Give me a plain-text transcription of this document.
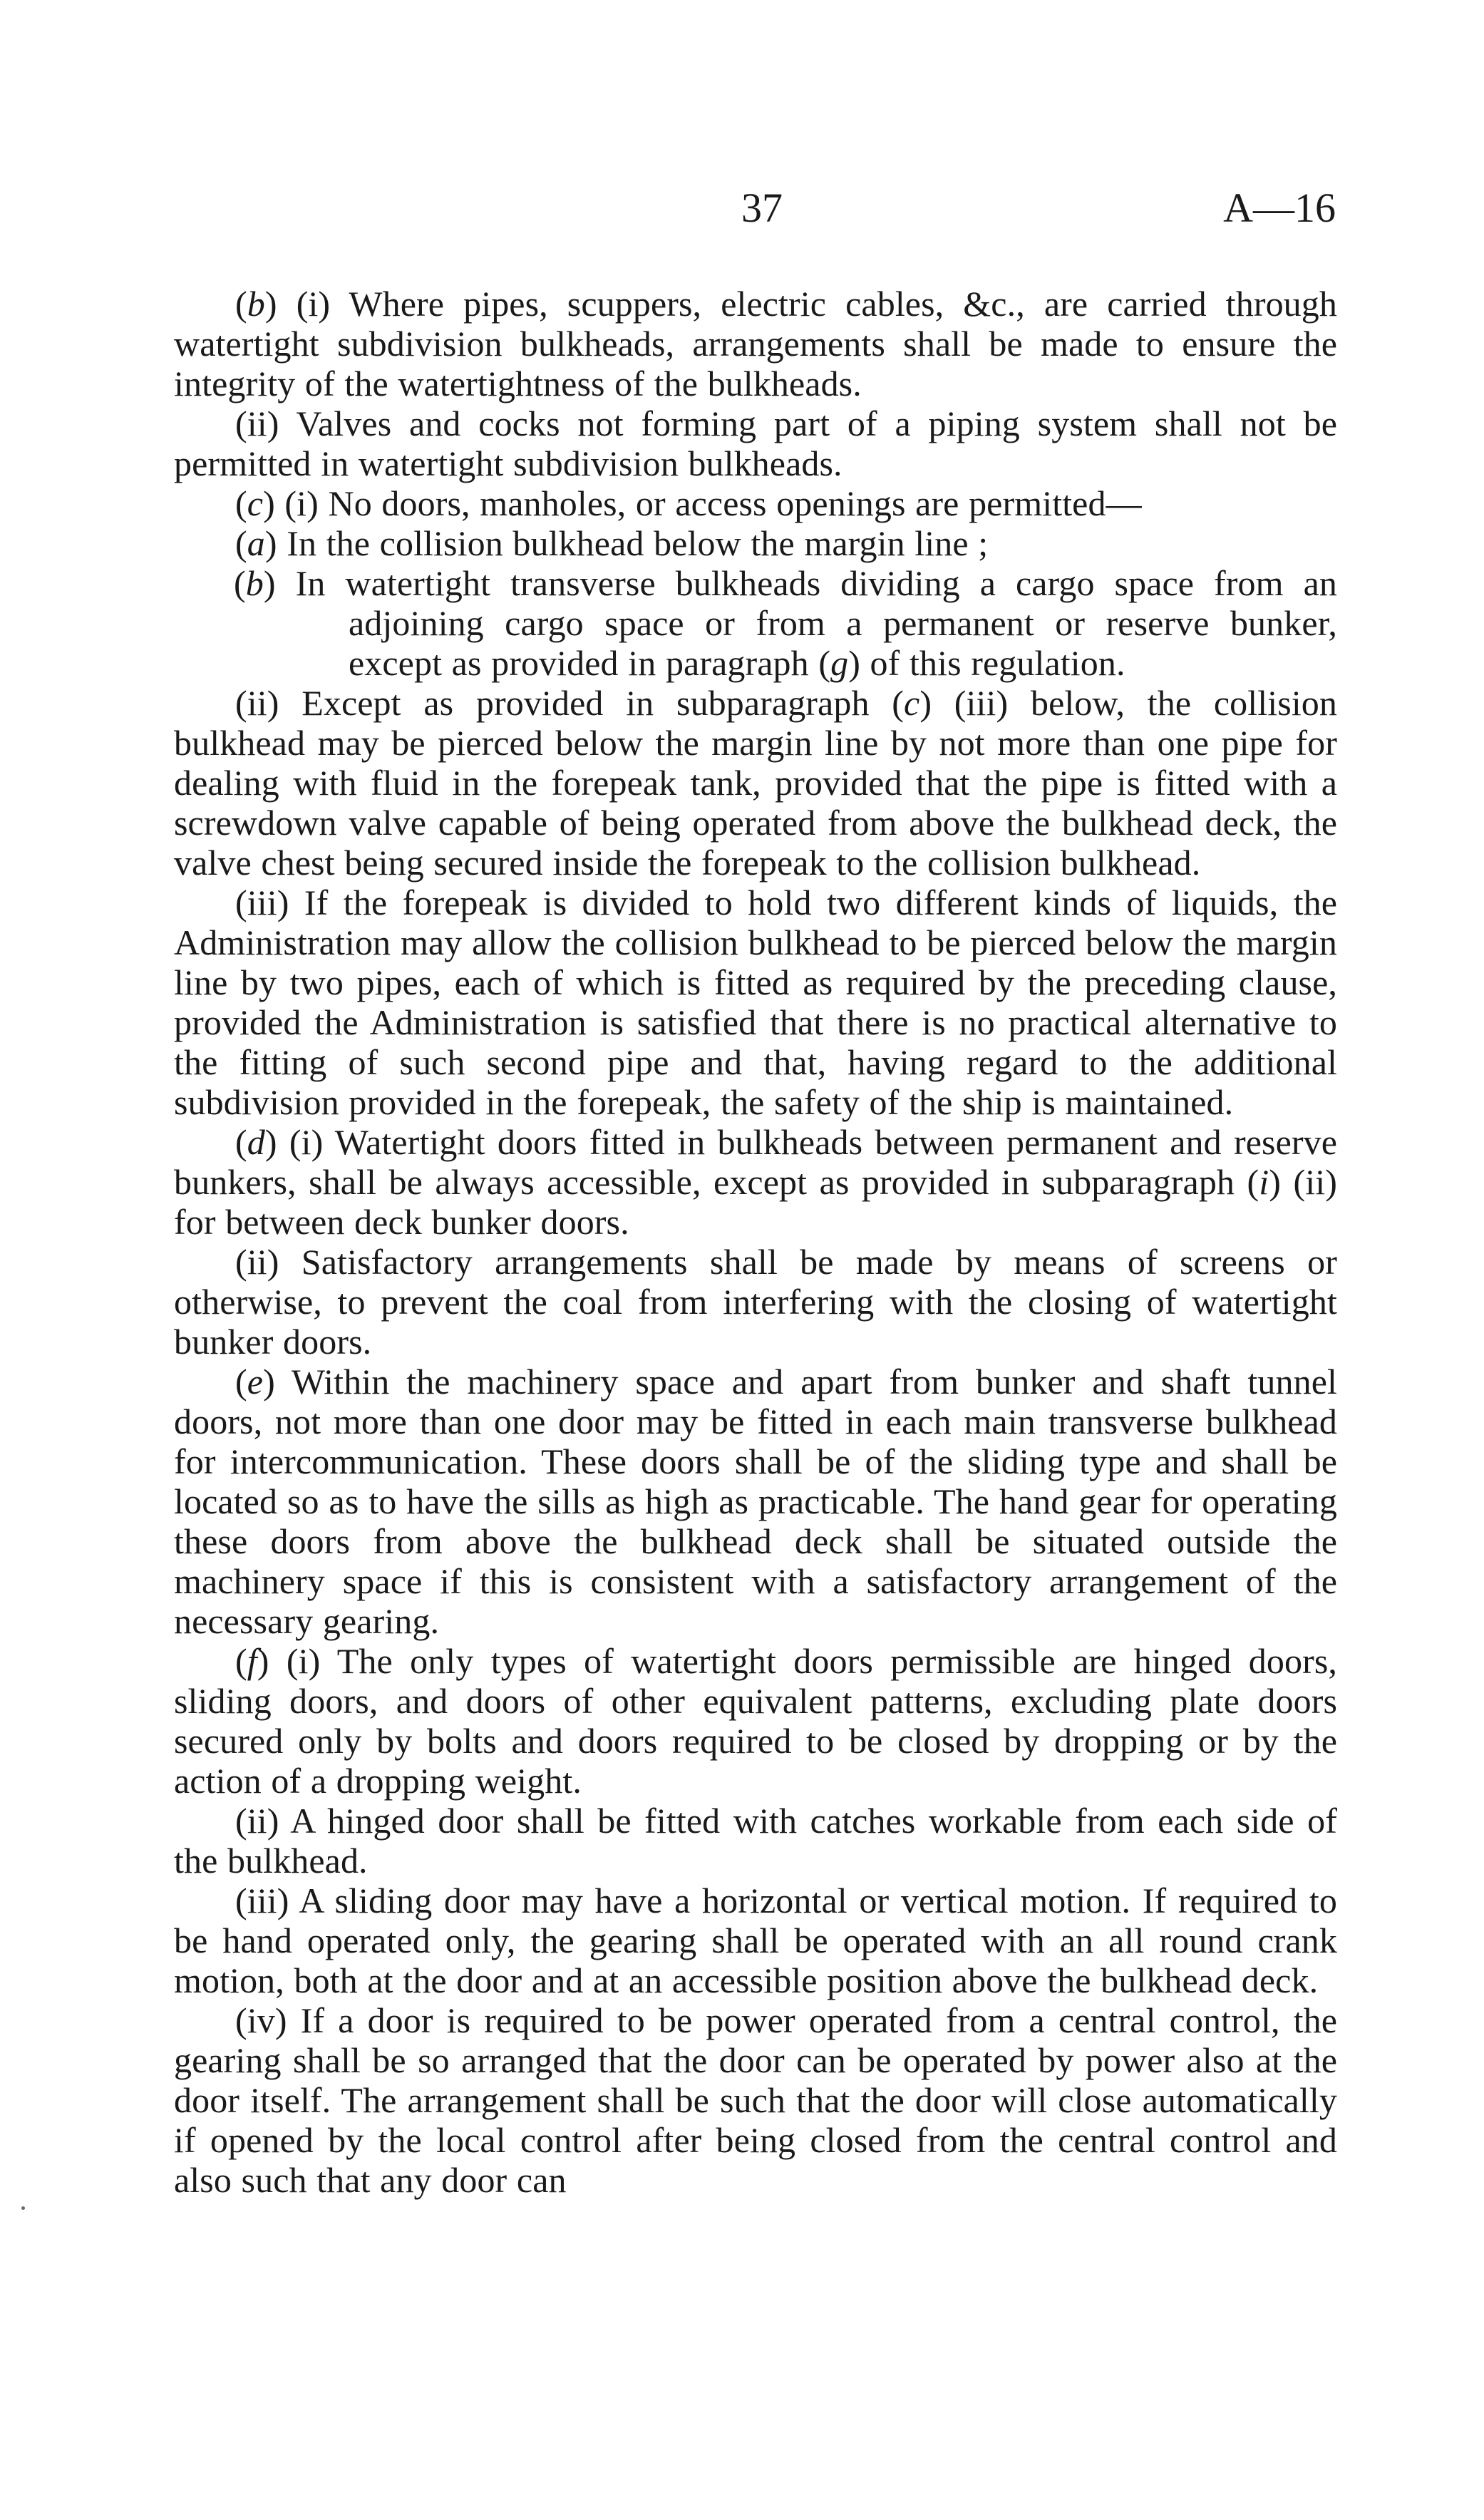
37	A—16

(b) (i) Where pipes, scuppers, electric cables, &c., are carried through watertight subdivision bulkheads, arrangements shall be made to ensure the integrity of the watertightness of the bulkheads.

(ii) Valves and cocks not forming part of a piping system shall not be permitted in watertight subdivision bulkheads.

(c) (i) No doors, manholes, or access openings are permitted—

(a) In the collision bulkhead below the margin line ;

(b) In watertight transverse bulkheads dividing a cargo space from an adjoining cargo space or from a permanent or reserve bunker, except as provided in paragraph (g) of this regulation.

(ii) Except as provided in subparagraph (c) (iii) below, the collision bulkhead may be pierced below the margin line by not more than one pipe for dealing with fluid in the forepeak tank, provided that the pipe is fitted with a screwdown valve capable of being operated from above the bulkhead deck, the valve chest being secured inside the forepeak to the collision bulkhead.

(iii) If the forepeak is divided to hold two different kinds of liquids, the Administration may allow the collision bulkhead to be pierced below the margin line by two pipes, each of which is fitted as required by the preceding clause, provided the Administration is satisfied that there is no practical alternative to the fitting of such second pipe and that, having regard to the additional subdivision provided in the forepeak, the safety of the ship is maintained.

(d) (i) Watertight doors fitted in bulkheads between permanent and reserve bunkers, shall be always accessible, except as provided in subparagraph (i) (ii) for between deck bunker doors.

(ii) Satisfactory arrangements shall be made by means of screens or otherwise, to prevent the coal from interfering with the closing of watertight bunker doors.

(e) Within the machinery space and apart from bunker and shaft tunnel doors, not more than one door may be fitted in each main transverse bulkhead for intercommunication. These doors shall be of the sliding type and shall be located so as to have the sills as high as practicable. The hand gear for operating these doors from above the bulkhead deck shall be situated outside the machinery space if this is consistent with a satisfactory arrangement of the necessary gearing.

(f) (i) The only types of watertight doors permissible are hinged doors, sliding doors, and doors of other equivalent patterns, excluding plate doors secured only by bolts and doors required to be closed by dropping or by the action of a dropping weight.

(ii) A hinged door shall be fitted with catches workable from each side of the bulkhead.

(iii) A sliding door may have a horizontal or vertical motion. If required to be hand operated only, the gearing shall be operated with an all round crank motion, both at the door and at an accessible position above the bulkhead deck.

(iv) If a door is required to be power operated from a central control, the gearing shall be so arranged that the door can be operated by power also at the door itself. The arrangement shall be such that the door will close automatically if opened by the local control after being closed from the central control and also such that any door can
